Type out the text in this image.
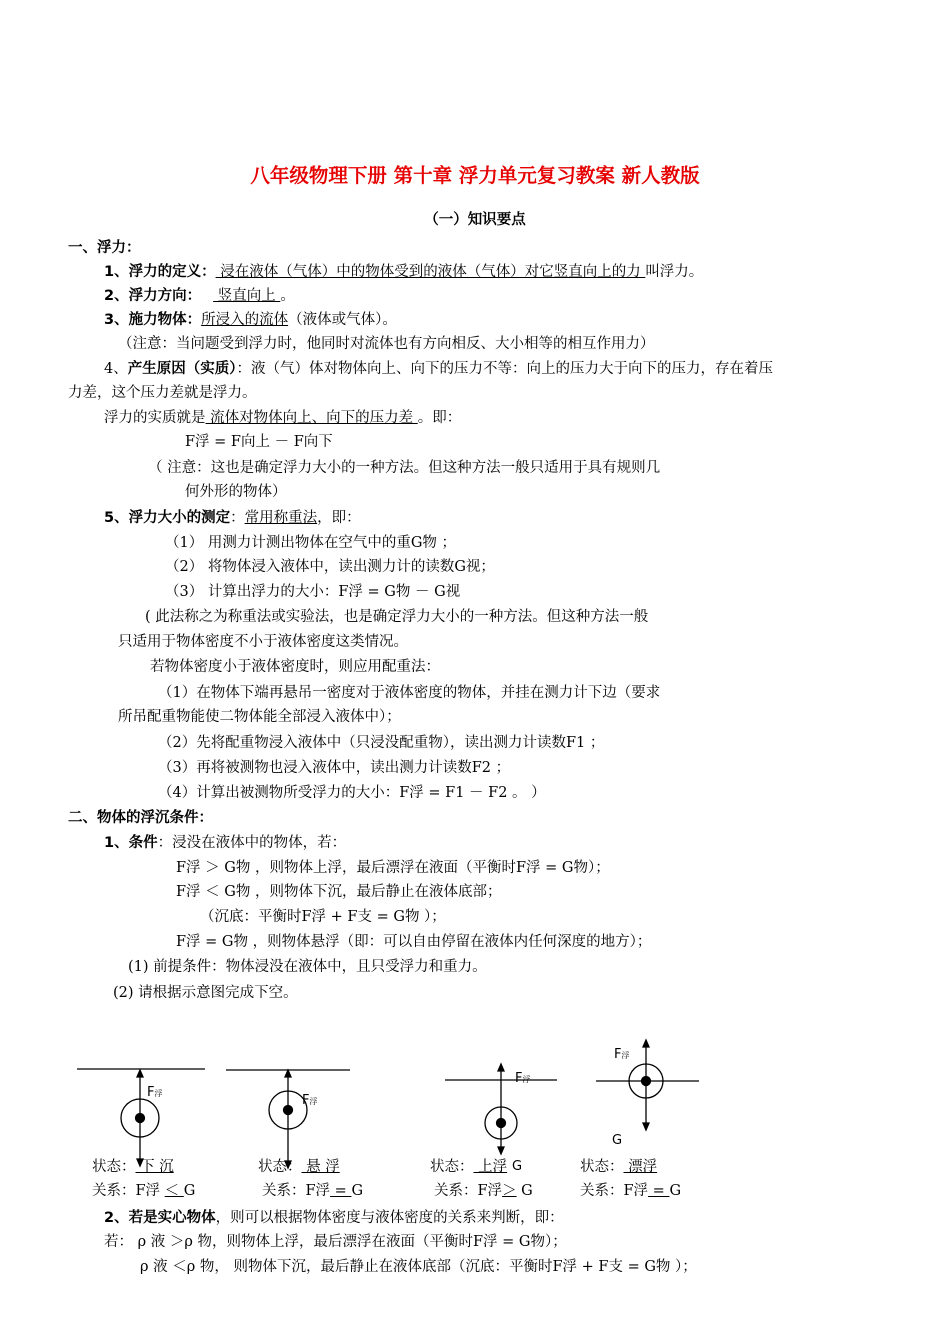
八年级物理下册 第十章 浮力单元复习教案 新人教版
（一）知识要点
一、浮力：
1、浮力的定义： 浸在液体（气体）中的物体受到的液体（气体）对它竖直向上的力 叫浮力。
2、浮力方向： 竖直向上 。
3、施力物体：所浸入的流体（液体或气体）。
（注意：当问题受到浮力时，他同时对流体也有方向相反、大小相等的相互作用力）
4、产生原因（实质）：液（气）体对物体向上、向下的压力不等：向上的压力大于向下的压力，存在着压
力差，这个压力差就是浮力。
浮力的实质就是 流体对物体向上、向下的压力差 。即：
F浮 = F向上 － F向下
（ 注意：这也是确定浮力大小的一种方法。但这种方法一般只适用于具有规则几
何外形的物体）
5、浮力大小的测定：常用称重法，即：
（1） 用测力计测出物体在空气中的重G物 ；
（2） 将物体浸入液体中，读出测力计的读数G视；
（3） 计算出浮力的大小：F浮 = G物 － G视
( 此法称之为称重法或实验法，也是确定浮力大小的一种方法。但这种方法一般
只适用于物体密度不小于液体密度这类情况。
若物体密度小于液体密度时，则应用配重法：
（1）在物体下端再悬吊一密度对于液体密度的物体，并挂在测力计下边（要求
所吊配重物能使二物体能全部浸入液体中）；
（2）先将配重物浸入液体中（只浸没配重物），读出测力计读数F1 ；
（3）再将被测物也浸入液体中，读出测力计读数F2 ；
（4）计算出被测物所受浮力的大小：F浮 = F1 － F2 。 ）
二、物体的浮沉条件：
1、条件：浸没在液体中的物体，若：
F浮 ＞ G物 ，则物体上浮，最后漂浮在液面（平衡时F浮 = G物）；
F浮 ＜ G物 ，则物体下沉，最后静止在液体底部；
（沉底：平衡时F浮 + F支 = G物 ）；
F浮 = G物 ，则物体悬浮（即：可以自由停留在液体内任何深度的地方）；
(1) 前提条件：物体浸没在液体中，且只受浮力和重力。
(2) 请根据示意图完成下空。
F浮	F浮
F浮
G
F浮
G
状态： 下 沉	状态： 悬 浮	状态： 上浮	状态： 漂浮
关系：F浮 ＜ G	关系：F浮 = G	关系：F浮＞ G	关系：F浮 = G
2、若是实心物体，则可以根据物体密度与液体密度的关系来判断，即：
若： ρ 液 ＞ρ 物，则物体上浮，最后漂浮在液面（平衡时F浮 = G物）；
ρ 液 ＜ρ 物， 则物体下沉，最后静止在液体底部（沉底：平衡时F浮 + F支 = G物 ）；
